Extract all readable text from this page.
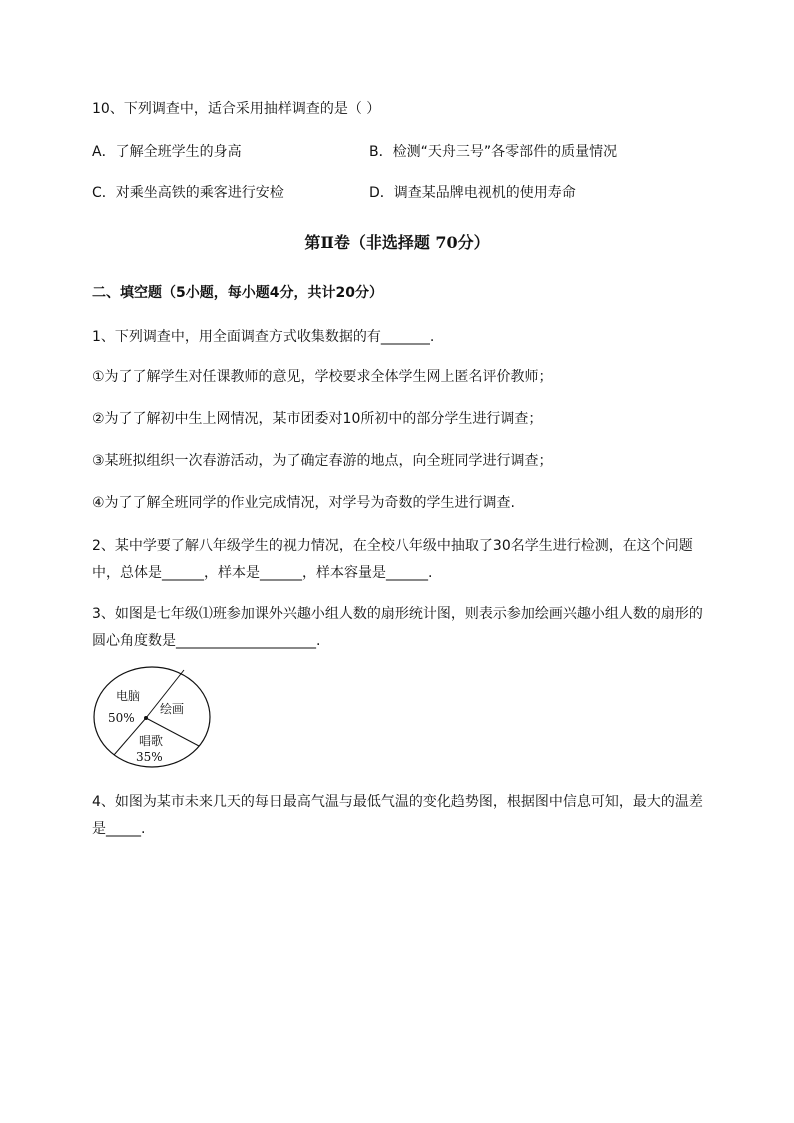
10、下列调查中，适合采用抽样调查的是（ ）

A．了解全班学生的身高	B．检测“天舟三号”各零部件的质量情况

C．对乘坐高铁的乘客进行安检	D．调查某品牌电视机的使用寿命

第Ⅱ卷（非选择题 70分）

二、填空题（5小题，每小题4分，共计20分）

1、下列调查中，用全面调查方式收集数据的有_______.

①为了了解学生对任课教师的意见，学校要求全体学生网上匿名评价教师；

②为了了解初中生上网情况，某市团委对10所初中的部分学生进行调查；

③某班拟组织一次春游活动，为了确定春游的地点，向全班同学进行调查；

④为了了解全班同学的作业完成情况，对学号为奇数的学生进行调查.

2、某中学要了解八年级学生的视力情况，在全校八年级中抽取了30名学生进行检测，在这个问题

中，总体是______，样本是______，样本容量是______.

3、如图是七年级⑴班参加课外兴趣小组人数的扇形统计图，则表示参加绘画兴趣小组人数的扇形的

圆心角度数是____________________.

电脑
50%
绘画
唱歌
35%

4、如图为某市未来几天的每日最高气温与最低气温的变化趋势图，根据图中信息可知，最大的温差

是_____.
